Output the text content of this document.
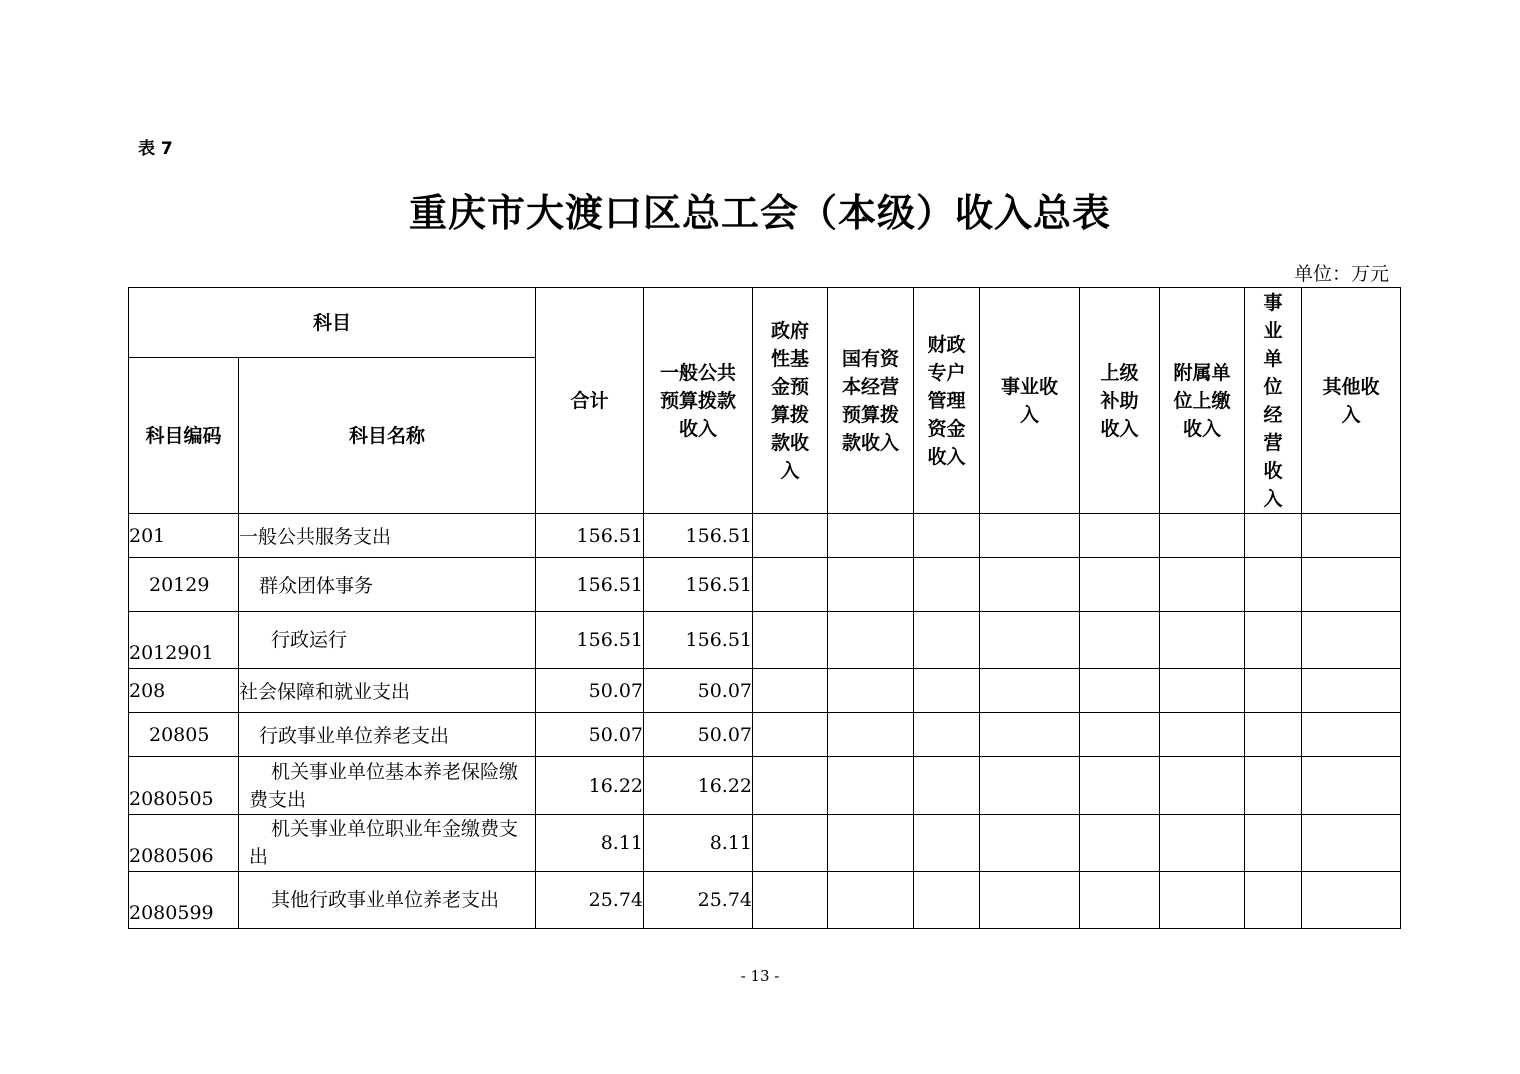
表 7
重庆市大渡口区总工会（本级）收入总表
单位：万元
科目		合计	一般公共预算拨款收入	政府性基金预算拨款收入	国有资本经营预算拨款收入	财政专户管理资金收入	事业收入	上级补助收入	附属单位上缴收入	事业单位经营收入	其他收入
科目编码	科目名称										
201	一般公共服务支出	156.51	156.51								
20129	群众团体事务	156.51	156.51								
2012901	行政运行	156.51	156.51								
208	社会保障和就业支出	50.07	50.07								
20805	行政事业单位养老支出	50.07	50.07								
2080505	机关事业单位基本养老保险缴费支出	16.22	16.22								
2080506	机关事业单位职业年金缴费支出	8.11	8.11								
2080599	其他行政事业单位养老支出	25.74	25.74								
- 13 -
